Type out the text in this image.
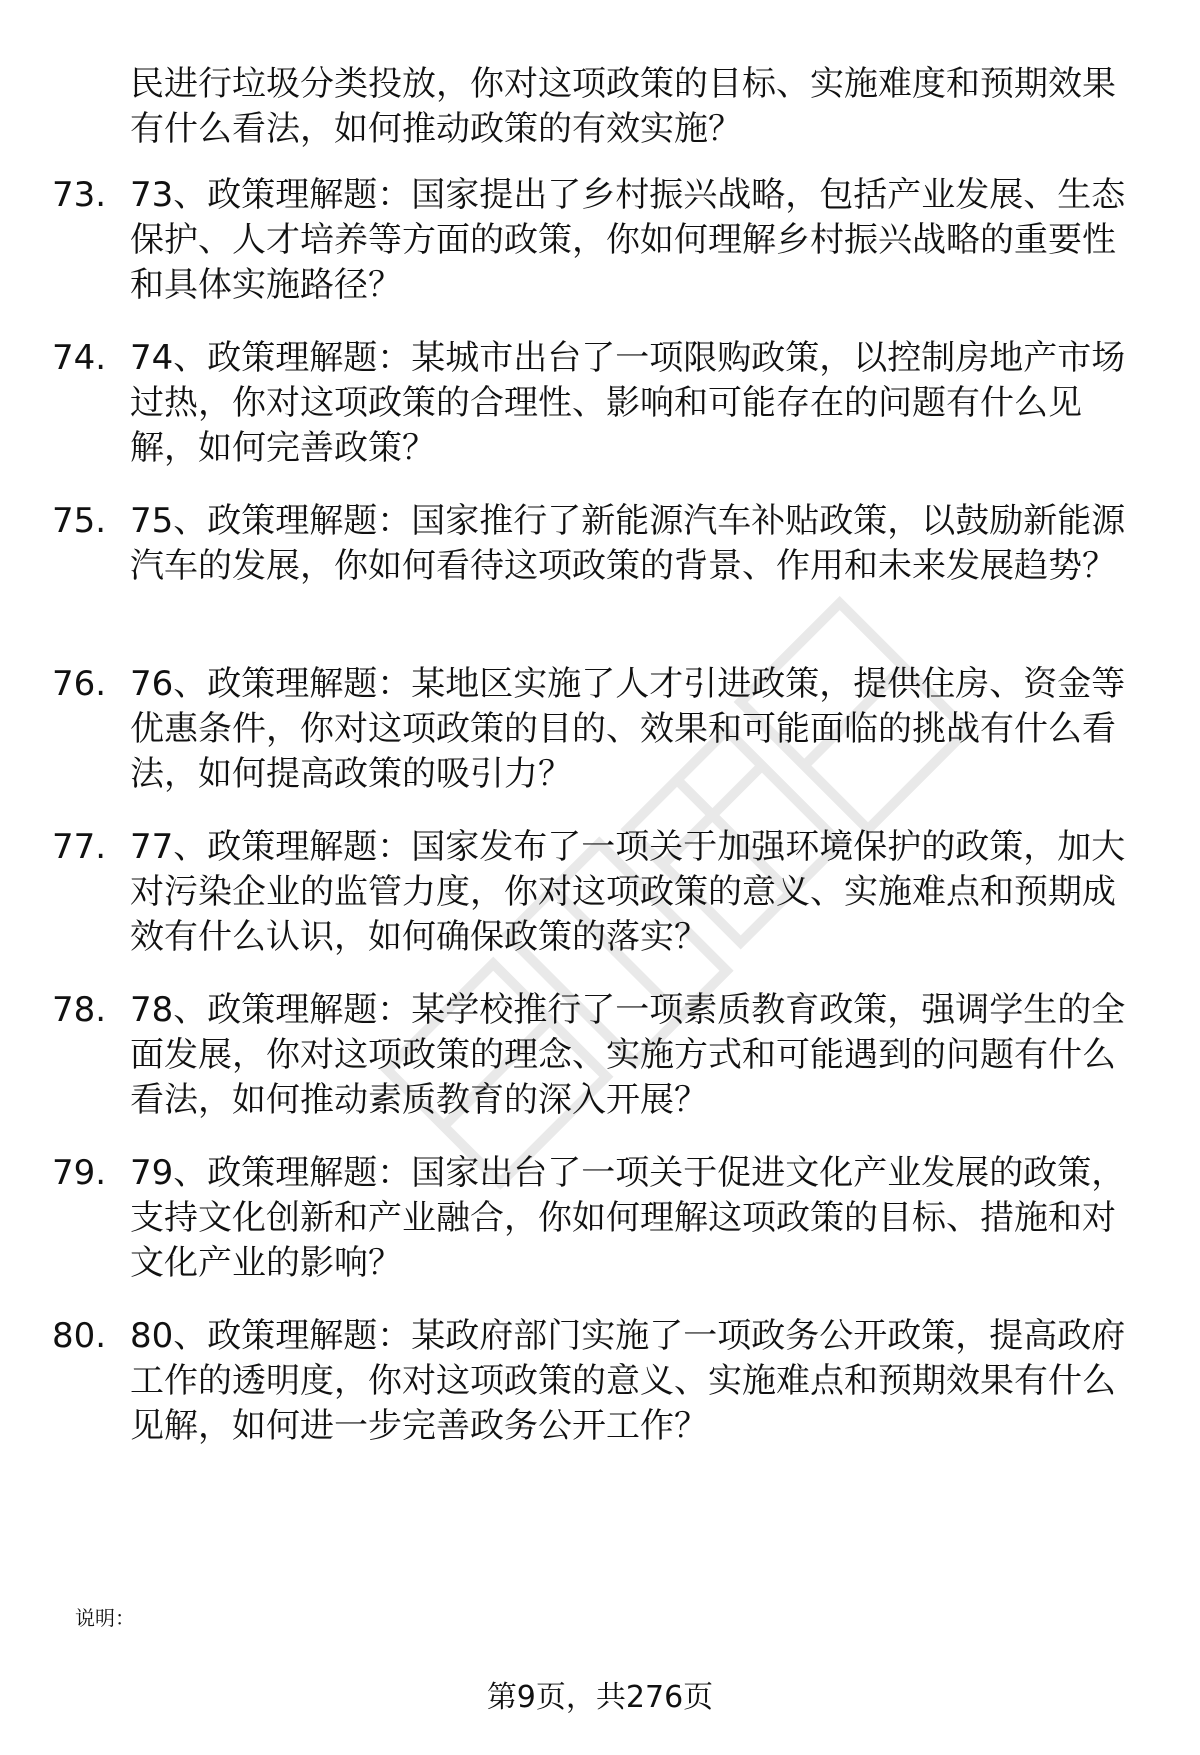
民进行垃圾分类投放，你对这项政策的目标、实施难度和预期效果有什么看法，如何推动政策的有效实施？

73. 73、政策理解题：国家提出了乡村振兴战略，包括产业发展、生态保护、人才培养等方面的政策，你如何理解乡村振兴战略的重要性和具体实施路径？

74. 74、政策理解题：某城市出台了一项限购政策，以控制房地产市场过热，你对这项政策的合理性、影响和可能存在的问题有什么见解，如何完善政策？

75. 75、政策理解题：国家推行了新能源汽车补贴政策，以鼓励新能源汽车的发展，你如何看待这项政策的背景、作用和未来发展趋势？

76. 76、政策理解题：某地区实施了人才引进政策，提供住房、资金等优惠条件，你对这项政策的目的、效果和可能面临的挑战有什么看法，如何提高政策的吸引力？

77. 77、政策理解题：国家发布了一项关于加强环境保护的政策，加大对污染企业的监管力度，你对这项政策的意义、实施难点和预期成效有什么认识，如何确保政策的落实？

78. 78、政策理解题：某学校推行了一项素质教育政策，强调学生的全面发展，你对这项政策的理念、实施方式和可能遇到的问题有什么看法，如何推动素质教育的深入开展？

79. 79、政策理解题：国家出台了一项关于促进文化产业发展的政策，支持文化创新和产业融合，你如何理解这项政策的目标、措施和对文化产业的影响？

80. 80、政策理解题：某政府部门实施了一项政务公开政策，提高政府工作的透明度，你对这项政策的意义、实施难点和预期效果有什么见解，如何进一步完善政务公开工作？

说明：
第9页，共276页
